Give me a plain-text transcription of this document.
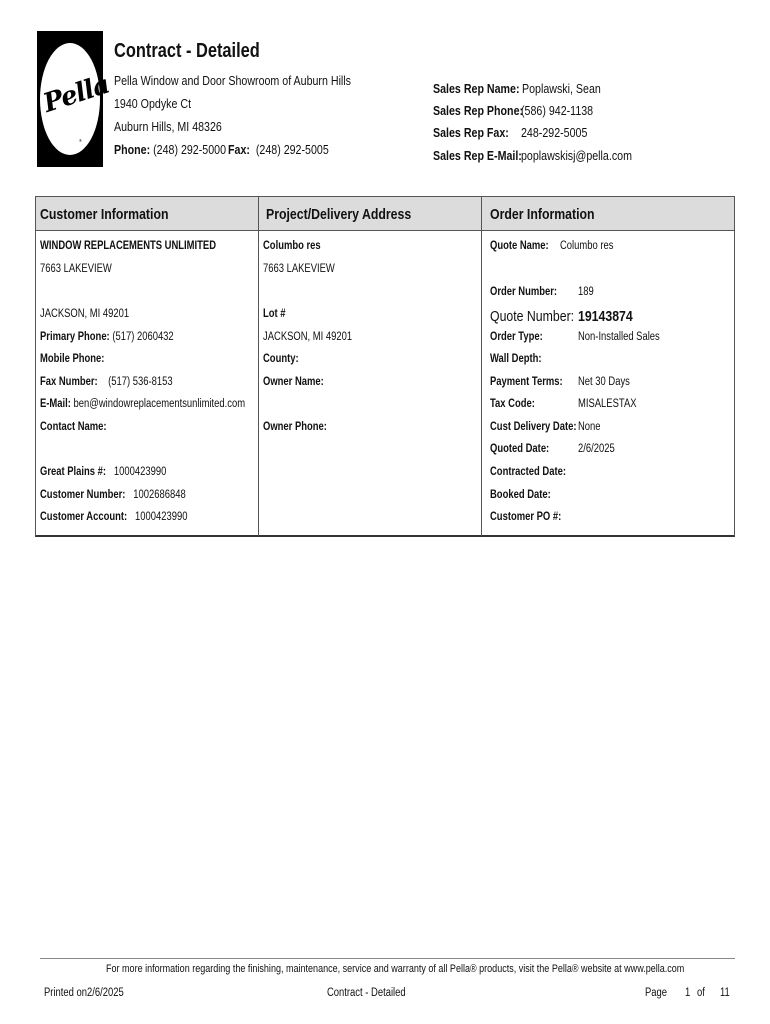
Pella
®
Contract - Detailed
Pella Window and Door Showroom of Auburn Hills
1940 Opdyke Ct
Auburn Hills, MI 48326
Phone: (248) 292-5000 Fax: (248) 292-5005
Sales Rep Name: Poplawski, Sean
Sales Rep Phone:
(586) 942-1138
Sales Rep Fax: 248-292-5005
Sales Rep E-Mail: poplawskisj@pella.com
Customer Information	Project/Delivery Address	Order Information
WINDOW REPLACEMENTS UNLIMITED
7663 LAKEVIEW
JACKSON, MI 49201
Primary Phone: (517) 2060432
Mobile Phone:
Fax Number: (517) 536-8153
E-Mail: ben@windowreplacementsunlimited.com
Contact Name:
Great Plains #: 1000423990
Customer Number: 1002686848
Customer Account: 1000423990
Columbo res
7663 LAKEVIEW
Lot #
JACKSON, MI 49201
County:
Owner Name:
Owner Phone:
Quote Name: Columbo res
Order Number:	189
Quote Number: 19143874
Order Type:	Non-Installed Sales
Wall Depth:
Payment Terms:	Net 30 Days
Tax Code:	MISALESTAX
Cust Delivery Date: None
Quoted Date:	2/6/2025
Contracted Date:
Booked Date:
Customer PO #:
For more information regarding the finishing, maintenance, service and warranty of all Pella® products, visit the Pella® website at www.pella.com
Printed on 2/6/2025	Contract - Detailed	Page	1 of 11
